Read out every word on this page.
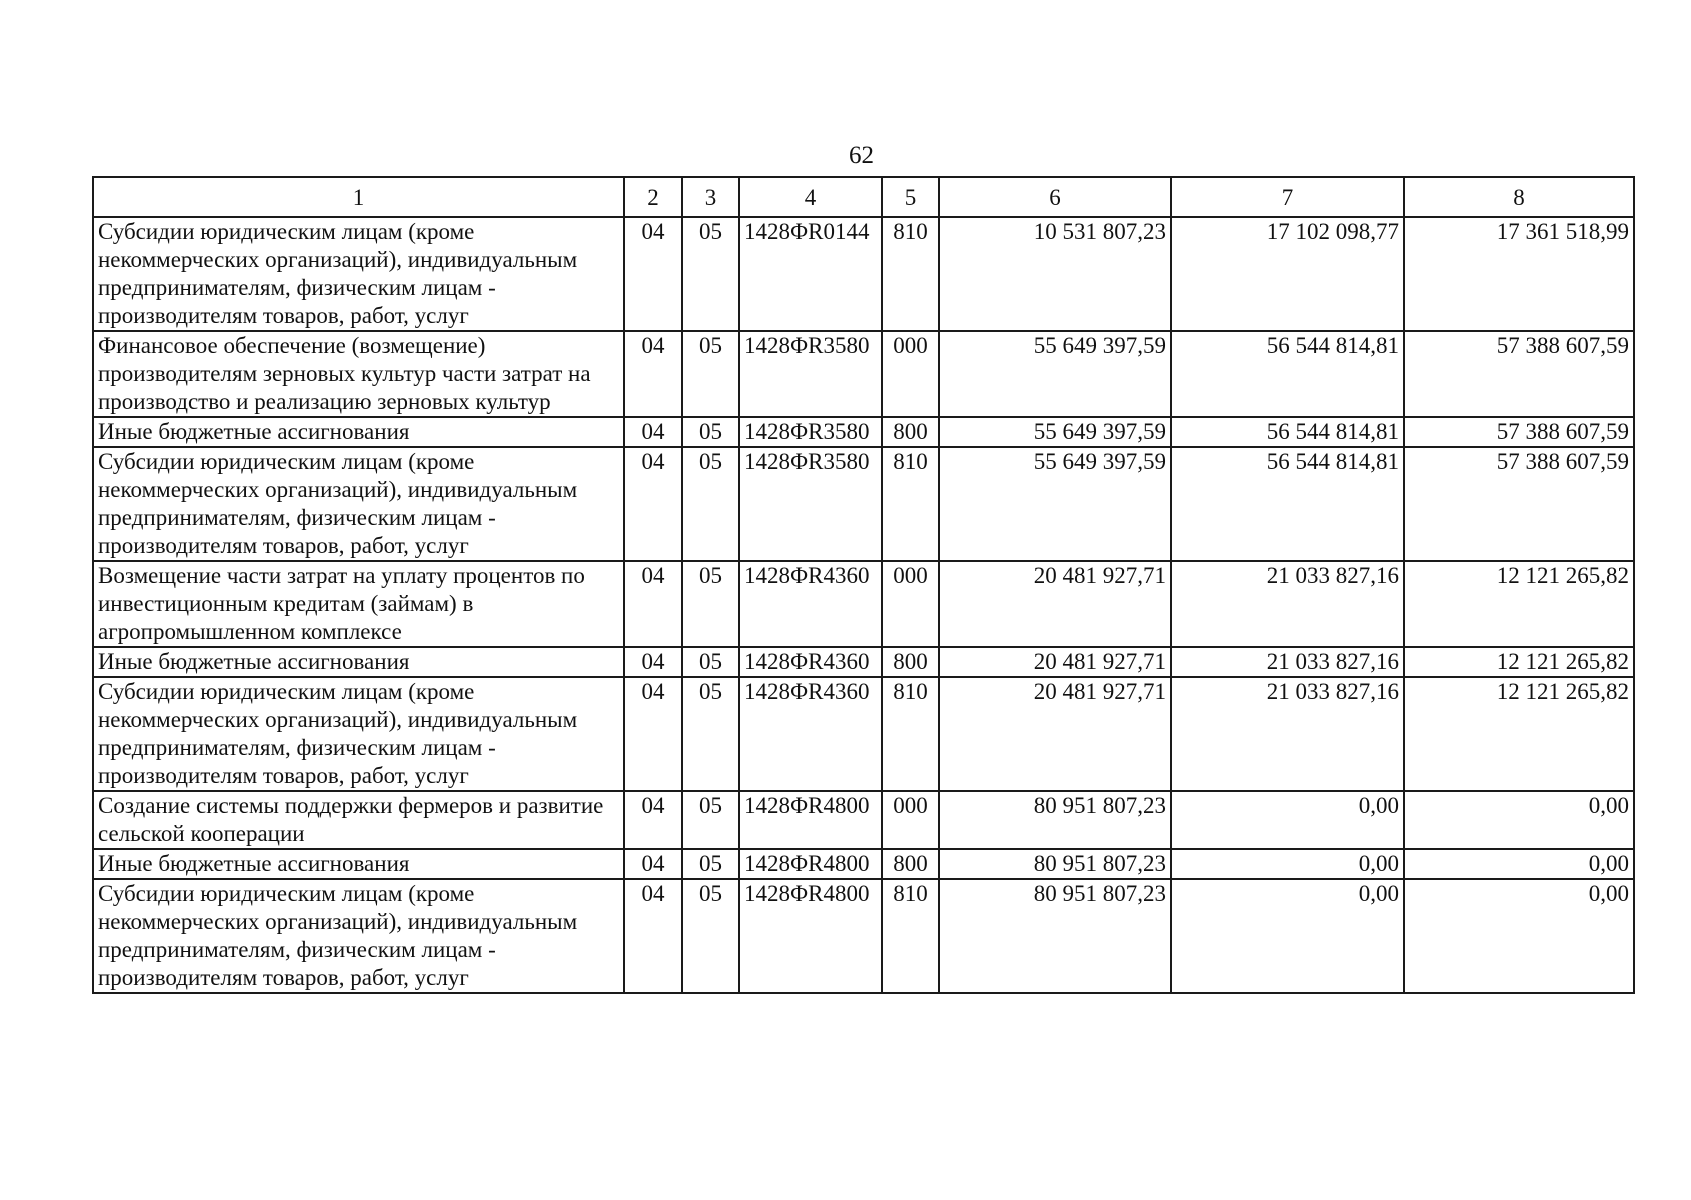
62
1	2	3	4	5	6	7	8
Субсидии юридическим лицам (кроме некоммерческих организаций), индивидуальным предпринимателям, физическим лицам - производителям товаров, работ, услуг	04	05	1428ФR0144	810	10 531 807,23	17 102 098,77	17 361 518,99
Финансовое обеспечение (возмещение) производителям зерновых культур части затрат на производство и реализацию зерновых культур	04	05	1428ФR3580	000	55 649 397,59	56 544 814,81	57 388 607,59
Иные бюджетные ассигнования	04	05	1428ФR3580	800	55 649 397,59	56 544 814,81	57 388 607,59
Субсидии юридическим лицам (кроме некоммерческих организаций), индивидуальным предпринимателям, физическим лицам - производителям товаров, работ, услуг	04	05	1428ФR3580	810	55 649 397,59	56 544 814,81	57 388 607,59
Возмещение части затрат на уплату процентов по инвестиционным кредитам (займам) в агропромышленном комплексе	04	05	1428ФR4360	000	20 481 927,71	21 033 827,16	12 121 265,82
Иные бюджетные ассигнования	04	05	1428ФR4360	800	20 481 927,71	21 033 827,16	12 121 265,82
Субсидии юридическим лицам (кроме некоммерческих организаций), индивидуальным предпринимателям, физическим лицам - производителям товаров, работ, услуг	04	05	1428ФR4360	810	20 481 927,71	21 033 827,16	12 121 265,82
Создание системы поддержки фермеров и развитие сельской кооперации	04	05	1428ФR4800	000	80 951 807,23	0,00	0,00
Иные бюджетные ассигнования	04	05	1428ФR4800	800	80 951 807,23	0,00	0,00
Субсидии юридическим лицам (кроме некоммерческих организаций), индивидуальным предпринимателям, физическим лицам - производителям товаров, работ, услуг	04	05	1428ФR4800	810	80 951 807,23	0,00	0,00
